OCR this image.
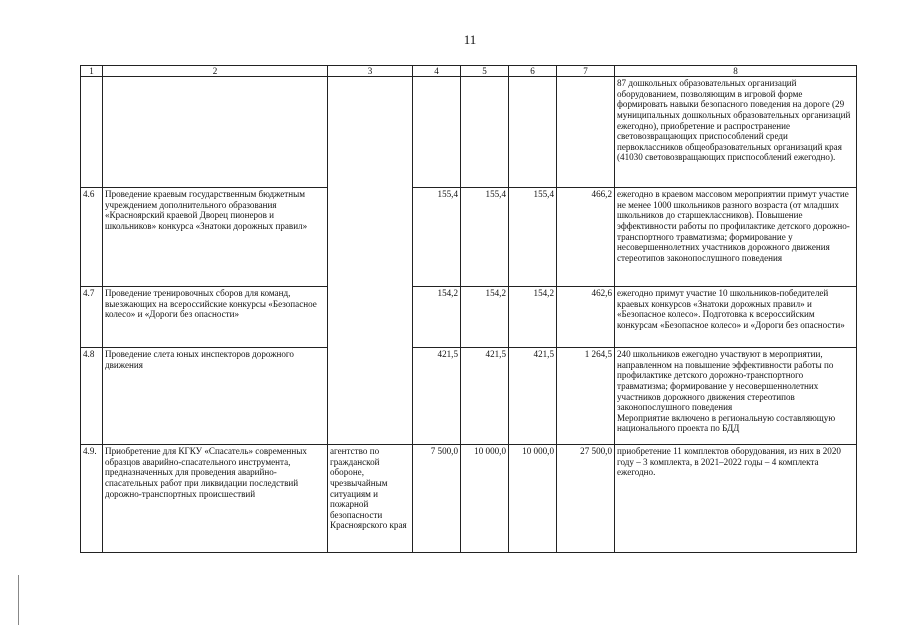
11
1	2	3	4	5	6	7	8

							87 дошкольных образовательных организаций оборудованием, позволяющим в игровой форме формировать навыки безопасного поведения на дороге (29 муниципальных дошкольных образовательных организаций ежегодно), приобретение и распространение световозвращающих приспособлений среди первоклассников общеобразовательных организаций края (41030 световозвращающих приспособлений ежегодно).

4.6	Проведение краевым государственным бюджетным учреждением дополнительного образования «Красноярский краевой Дворец пионеров и школьников» конкурса «Знатоки дорожных правил»		155,4	155,4	155,4	466,2	ежегодно в краевом массовом мероприятии примут участие не менее 1000 школьников разного возраста (от младших школьников до старшеклассников). Повышение эффективности работы по профилактике детского дорожно-транспортного травматизма; формирование у несовершеннолетних участников дорожного движения стереотипов законопослушного поведения

4.7	Проведение тренировочных сборов для команд, выезжающих на всероссийские конкурсы «Безопасное колесо» и «Дороги без опасности»		154,2	154,2	154,2	462,6	ежегодно примут участие 10 школьников-победителей краевых конкурсов «Знатоки дорожных правил» и «Безопасное колесо». Подготовка к всероссийским конкурсам «Безопасное колесо» и «Дороги без опасности»

4.8	Проведение слета юных инспекторов дорожного движения		421,5	421,5	421,5	1 264,5	240 школьников ежегодно участвуют в мероприятии, направленном на повышение эффективности работы по профилактике детского дорожно-транспортного травматизма; формирование у несовершеннолетних участников дорожного движения стереотипов законопослушного поведения
Мероприятие включено в региональную составляющую национального проекта по БДД

4.9.	Приобретение для КГКУ «Спасатель» современных образцов аварийно-спасательного инструмента, предназначенных для проведения аварийно-спасательных работ при ликвидации последствий дорожно-транспортных происшествий	агентство по гражданской обороне, чрезвычайным ситуациям и пожарной безопасности Красноярского края	7 500,0	10 000,0	10 000,0	27 500,0	приобретение 11 комплектов оборудования, из них в 2020 году – 3 комплекта, в 2021–2022 годы – 4 комплекта ежегодно.
